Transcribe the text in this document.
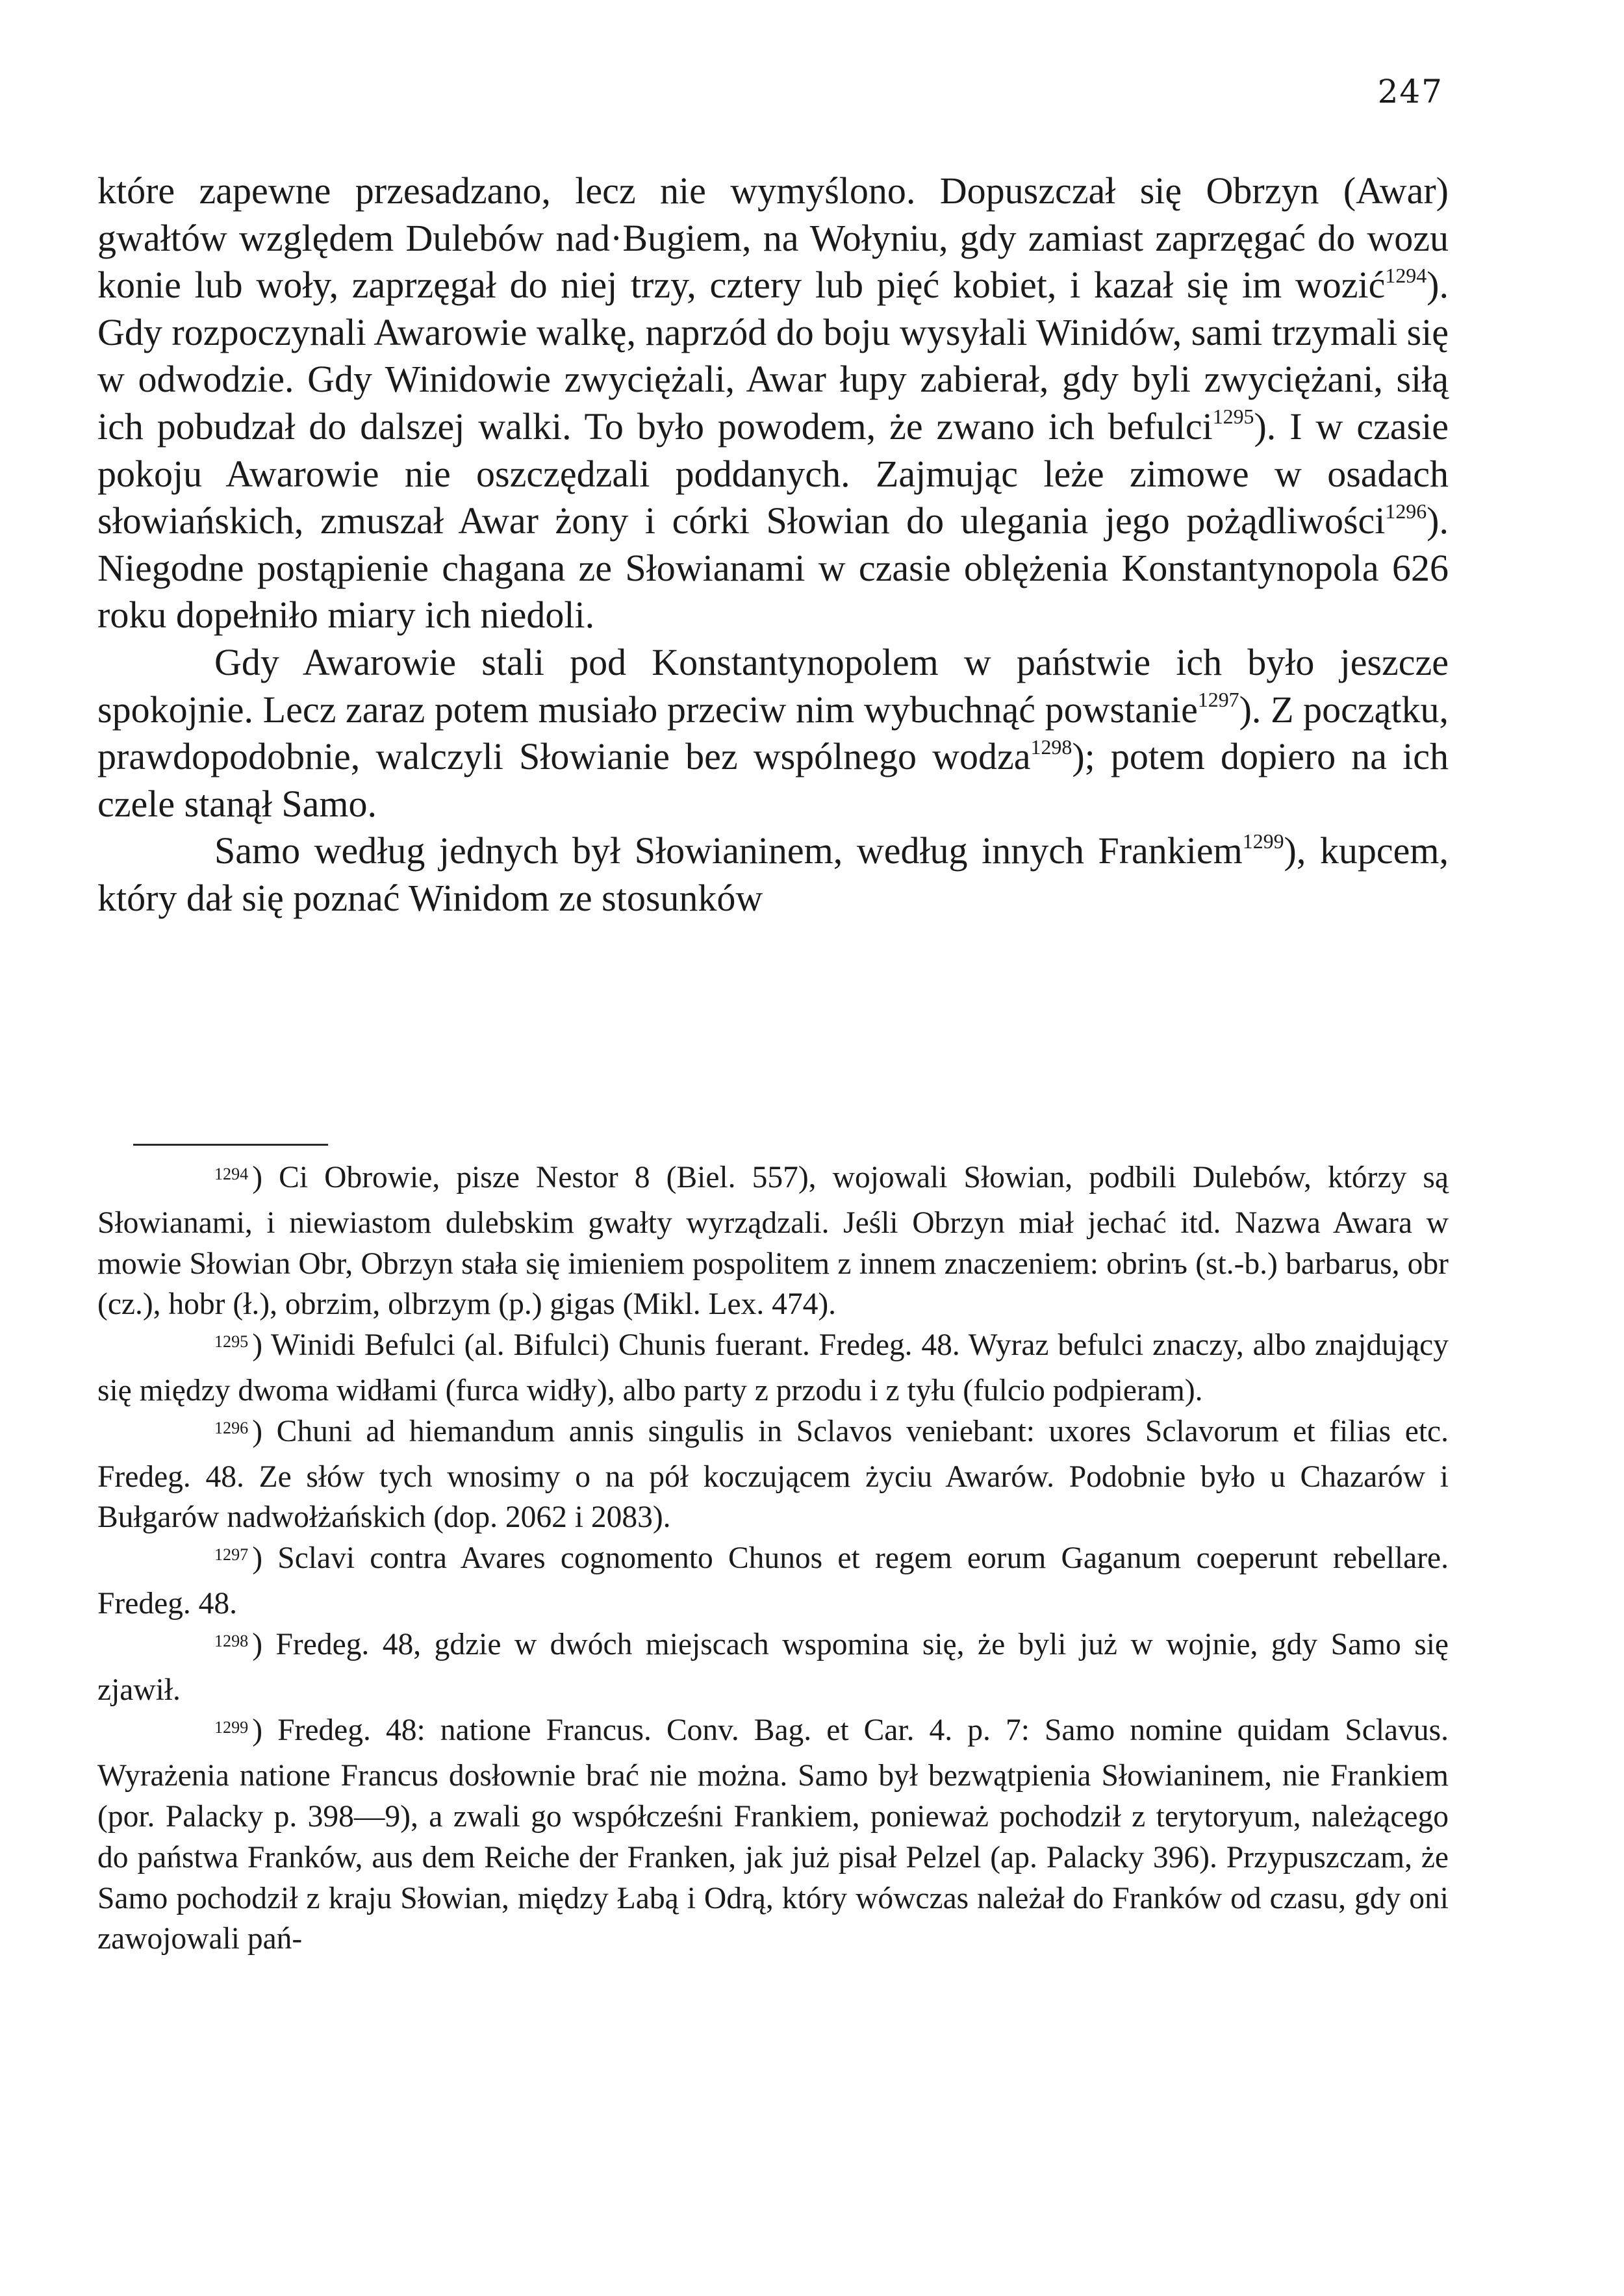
247

które zapewne przesadzano, lecz nie wymyślono. Dopuszczał się Obrzyn (Awar) gwałtów względem Dulebów nad·Bugiem, na Wołyniu, gdy zamiast zaprzęgać do wozu konie lub woły, zaprzęgał do niej trzy, cztery lub pięć kobiet, i kazał się im wozić$^{1294}$). Gdy rozpoczynali Awarowie walkę, naprzód do boju wysyłali Winidów, sami trzymali się w odwodzie. Gdy Winidowie zwyciężali, Awar łupy zabierał, gdy byli zwyciężani, siłą ich pobudzał do dalszej walki. To było powodem, że zwano ich befulci$^{1295}$). I w czasie pokoju Awarowie nie oszczędzali poddanych. Zajmując leże zimowe w osadach słowiańskich, zmuszał Awar żony i córki Słowian do ulegania jego pożądliwości$^{1296}$). Niegodne postąpienie chagana ze Słowianami w czasie oblężenia Konstantynopola 626 roku dopełniło miary ich niedoli.

Gdy Awarowie stali pod Konstantynopolem w państwie ich było jeszcze spokojnie. Lecz zaraz potem musiało przeciw nim wybuchnąć powstanie$^{1297}$). Z początku, prawdopodobnie, walczyli Słowianie bez wspólnego wodza$^{1298}$); potem dopiero na ich czele stanął Samo.

Samo według jednych był Słowianinem, według innych Frankiem$^{1299}$), kupcem, który dał się poznać Winidom ze stosunków

$^{1294}$ ) Ci Obrowie, pisze Nestor 8 (Biel. 557), wojowali Słowian, podbili Dulebów, którzy są Słowianami, i niewiastom dulebskim gwałty wyrządzali. Jeśli Obrzyn miał jechać itd. Nazwa Awara w mowie Słowian Obr, Obrzyn stała się imieniem pospolitem z innem znaczeniem: obrinъ (st.-b.) barbarus, obr (cz.), hobr (ł.), obrzim, olbrzym (p.) gigas (Mikl. Lex. 474).

$^{1295}$ ) Winidi Befulci (al. Bifulci) Chunis fuerant. Fredeg. 48. Wyraz befulci znaczy, albo znajdujący się między dwoma widłami (furca widły), albo party z przodu i z tyłu (fulcio podpieram).

$^{1296}$ ) Chuni ad hiemandum annis singulis in Sclavos veniebant: uxores Sclavorum et filias etc. Fredeg. 48. Ze słów tych wnosimy o na pół koczującem życiu Awarów. Podobnie było u Chazarów i Bułgarów nadwołżańskich (dop. 2062 i 2083).

$^{1297}$ ) Sclavi contra Avares cognomento Chunos et regem eorum Gaganum coeperunt rebellare. Fredeg. 48.

$^{1298}$ ) Fredeg. 48, gdzie w dwóch miejscach wspomina się, że byli już w wojnie, gdy Samo się zjawił.

$^{1299}$ ) Fredeg. 48: natione Francus. Conv. Bag. et Car. 4. p. 7: Samo nomine quidam Sclavus. Wyrażenia natione Francus dosłownie brać nie można. Samo był bezwątpienia Słowianinem, nie Frankiem (por. Palacky p. 398—9), a zwali go współcześni Frankiem, ponieważ pochodził z terytoryum, należącego do państwa Franków, aus dem Reiche der Franken, jak już pisał Pelzel (ap. Palacky 396). Przypuszczam, że Samo pochodził z kraju Słowian, między Łabą i Odrą, który wówczas należał do Franków od czasu, gdy oni zawojowali pań-
